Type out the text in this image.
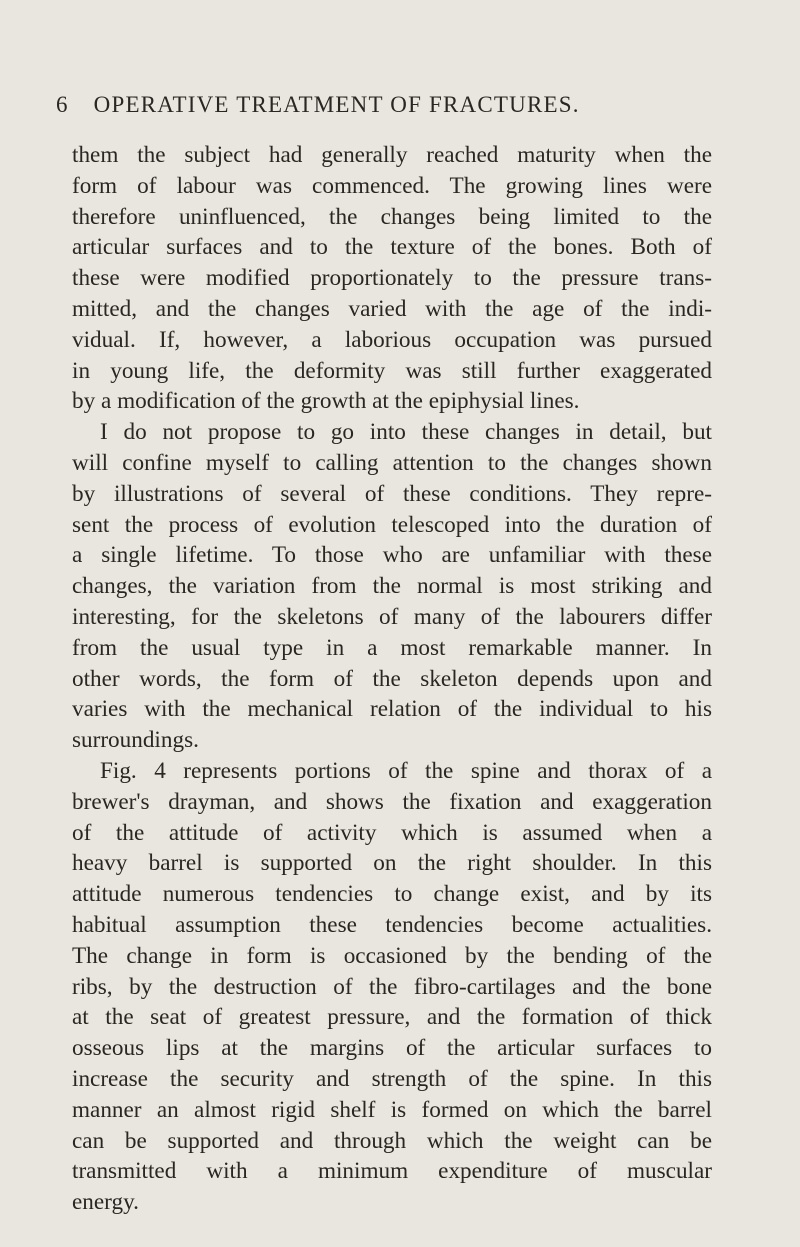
6 OPERATIVE TREATMENT OF FRACTURES.
them the subject had generally reached maturity when the
form of labour was commenced. The growing lines were
therefore uninfluenced, the changes being limited to the
articular surfaces and to the texture of the bones. Both of
these were modified proportionately to the pressure trans-
mitted, and the changes varied with the age of the indi-
vidual. If, however, a laborious occupation was pursued
in young life, the deformity was still further exaggerated
by a modification of the growth at the epiphysial lines.
I do not propose to go into these changes in detail, but
will confine myself to calling attention to the changes shown
by illustrations of several of these conditions. They repre-
sent the process of evolution telescoped into the duration of
a single lifetime. To those who are unfamiliar with these
changes, the variation from the normal is most striking and
interesting, for the skeletons of many of the labourers differ
from the usual type in a most remarkable manner. In
other words, the form of the skeleton depends upon and
varies with the mechanical relation of the individual to his
surroundings.
Fig. 4 represents portions of the spine and thorax of a
brewer's drayman, and shows the fixation and exaggeration
of the attitude of activity which is assumed when a
heavy barrel is supported on the right shoulder. In this
attitude numerous tendencies to change exist, and by its
habitual assumption these tendencies become actualities.
The change in form is occasioned by the bending of the
ribs, by the destruction of the fibro-cartilages and the bone
at the seat of greatest pressure, and the formation of thick
osseous lips at the margins of the articular surfaces to
increase the security and strength of the spine. In this
manner an almost rigid shelf is formed on which the barrel
can be supported and through which the weight can be
transmitted with a minimum expenditure of muscular
energy.
